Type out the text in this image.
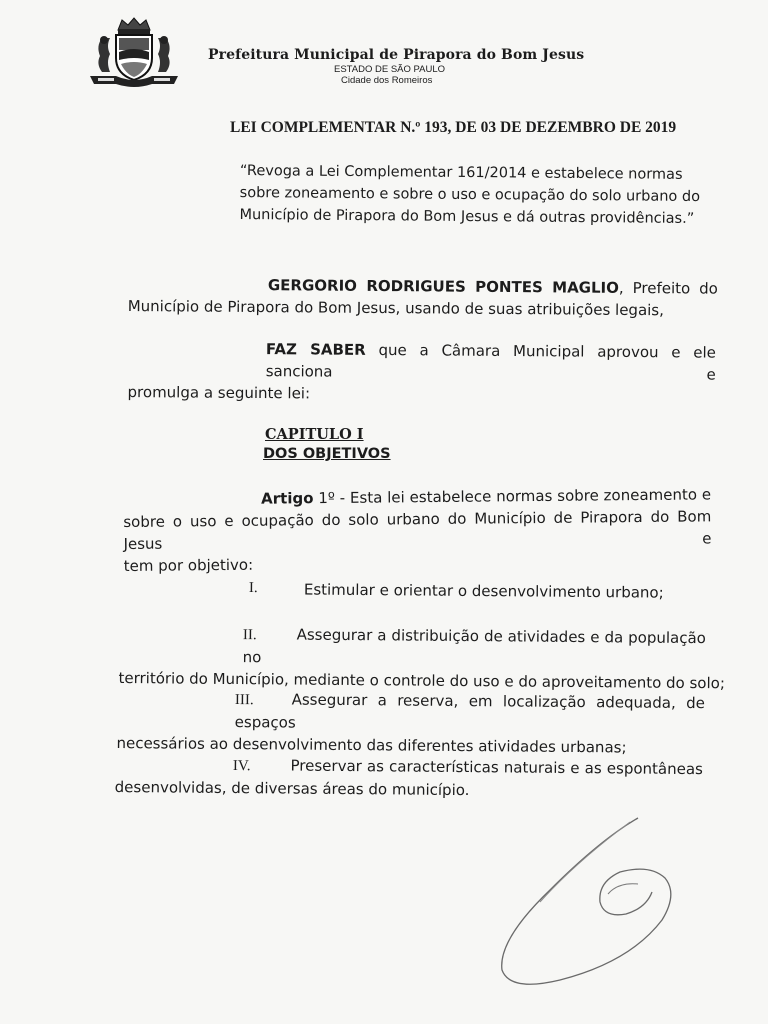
Prefeitura Municipal de Pirapora do Bom Jesus
ESTADO DE SÃO PAULO
Cidade dos Romeiros
LEI COMPLEMENTAR N.º 193, DE 03 DE DEZEMBRO DE 2019
“Revoga a Lei Complementar 161/2014 e estabelece normas
sobre zoneamento e sobre o uso e ocupação do solo urbano do
Município de Pirapora do Bom Jesus e dá outras providências.”
GERGORIO RODRIGUES PONTES MAGLIO, Prefeito do
Município de Pirapora do Bom Jesus, usando de suas atribuições legais,
FAZ SABER que a Câmara Municipal aprovou e ele sanciona e
promulga a seguinte lei:
CAPITULO I
DOS OBJETIVOS
Artigo 1º - Esta lei estabelece normas sobre zoneamento e
sobre o uso e ocupação do solo urbano do Município de Pirapora do Bom Jesus e
tem por objetivo:
I.	Estimular e orientar o desenvolvimento urbano;
II.	Assegurar a distribuição de atividades e da população no
território do Município, mediante o controle do uso e do aproveitamento do solo;
III.	Assegurar a reserva, em localização adequada, de espaços
necessários ao desenvolvimento das diferentes atividades urbanas;
IV.	Preservar as características naturais e as espontâneas
desenvolvidas, de diversas áreas do município.
